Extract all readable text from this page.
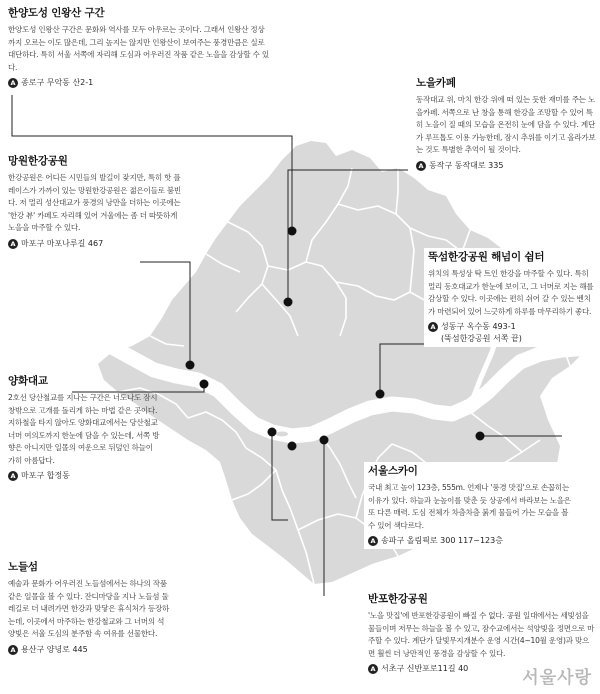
한양도성 인왕산 구간

한양도성 인왕산 구간은 문화와 역사를 모두 아우르는 곳이다. 그래서 인왕산 정상까지 오르는 이도 많은데, 그리 높지는 않지만 인왕산이 보여주는 풍경만큼은 실로 대단하다. 특히 서울 서쪽에 자리해 도심과 어우러진 작품 같은 노을을 감상할 수 있다.

A 종로구 무악동 산2-1	노을카페

동작대교 위, 마치 한강 위에 떠 있는 듯한 재미를 주는 노을카페. 서쪽으로 난 창을 통해 한강을 조망할 수 있어 특히 노을이 질 때의 모습을 온전히 눈에 담을 수 있다. 계단가 루프톱도 이용 가능한데, 잠시 추위를 이기고 올라가보는 것도 특별한 추억이 될 것이다.

A 동작구 동작대로 335
망원한강공원

한강공원은 어디든 시민들의 발길이 잦지만, 특히 핫 플레이스가 가까이 있는 망원한강공원은 젊은이들로 붐빈다. 저 멀리 성산대교가 풍경의 낭만을 더하는 이곳에는 '한강 뷰' 카페도 자리해 있어 겨울에는 좀 더 따뜻하게 노을을 마주할 수 있다.

A 마포구 마포나루길 467
뚝섬한강공원 해넘이 쉼터

위치의 특성상 탁 트인 한강을 마주할 수 있다. 특히 멀리 동호대교가 한눈에 보이고, 그 너머로 지는 해를 감상할 수 있다. 이곳에는 편히 쉬어 갈 수 있는 벤치가 마련되어 있어 느긋하게 하루를 마무리하기 좋다.

A 성동구 옥수동 493-1
(뚝섬한강공원 서쪽 끝)
양화대교

2호선 당산철교를 지나는 구간은 너도나도 잠시 창밖으로 고개를 돌리게 하는 마법 같은 곳이다. 지하철을 타지 않아도 양화대교에서는 당산철교 너머 여의도까지 한눈에 담을 수 있는데, 서쪽 방향은 아니지만 일몰의 여운으로 뒤덮인 하늘이 가히 아름답다.

A 마포구 합정동	서울스카이

국내 최고 높이 123층, 555m. 언제나 '풍경 맛집'으로 손꼽히는 이유가 있다. 하늘과 눈높이를 맞춘 듯 상공에서 바라보는 노을은 또 다른 매력. 도심 전체가 차츰차츰 붉게 물들어 가는 모습을 볼 수 있어 색다르다.

A 송파구 올림픽로 300 117~123층
노들섬

예술과 문화가 어우러진 노들섬에서는 하나의 작품 같은 일몰을 볼 수 있다. 잔디마당을 지나 노들섬 둘레길로 더 내려가면 한강과 맞닿은 휴식처가 등장하는데, 이곳에서 마주하는 한강철교와 그 너머의 석양빛은 서울 도심의 분주함 속 여유를 선물한다.

A 용산구 양녕로 445
반포한강공원

'노을 맛집'에 반포한강공원이 빠질 수 없다. 공원 일대에서는 세빛섬을 물들이며 저무는 하늘을 볼 수 있고, 잠수교에서는 석양빛을 정면으로 마주할 수 있다. 계단가 달빛무지개분수 운영 시간(4~10월 운영)과 맞으면 훨씬 더 낭만적인 풍경을 감상할 수 있다.

A 서초구 신반포로11길 40	서울사랑
